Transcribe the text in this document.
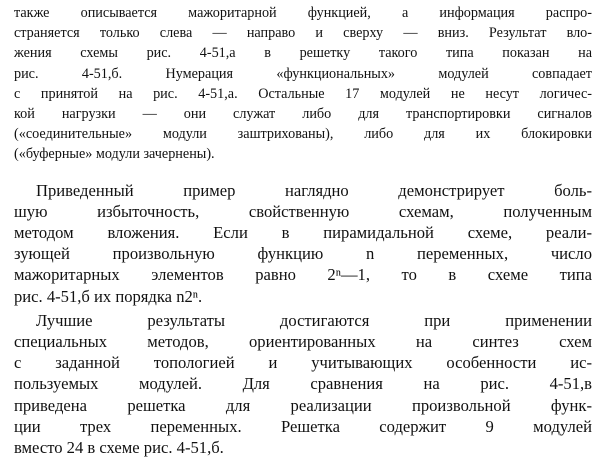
также описывается мажоритарной функцией, а информация распро-
страняется только слева — направо и сверху — вниз. Результат вло-
жения схемы рис. 4-51,а в решетку такого типа показан на
рис. 4-51,б. Нумерация «функциональных» модулей совпадает
с принятой на рис. 4-51,а. Остальные 17 модулей не несут логичес-
кой нагрузки — они служат либо для транспортировки сигналов
(«соединительные» модули заштрихованы), либо для их блокировки
(«буферные» модули зачернены).
Приведенный пример наглядно демонстрирует боль-
шую избыточность, свойственную схемам, полученным
методом вложения. Если в пирамидальной схеме, реали-
зующей произвольную функцию n переменных, число
мажоритарных элементов равно 2ⁿ—1, то в схеме типа
рис. 4-51,б их порядка n2ⁿ.
Лучшие результаты достигаются при применении
специальных методов, ориентированных на синтез схем
с заданной топологией и учитывающих особенности ис-
пользуемых модулей. Для сравнения на рис. 4-51,в
приведена решетка для реализации произвольной функ-
ции трех переменных. Решетка содержит 9 модулей
вместо 24 в схеме рис. 4-51,б.
